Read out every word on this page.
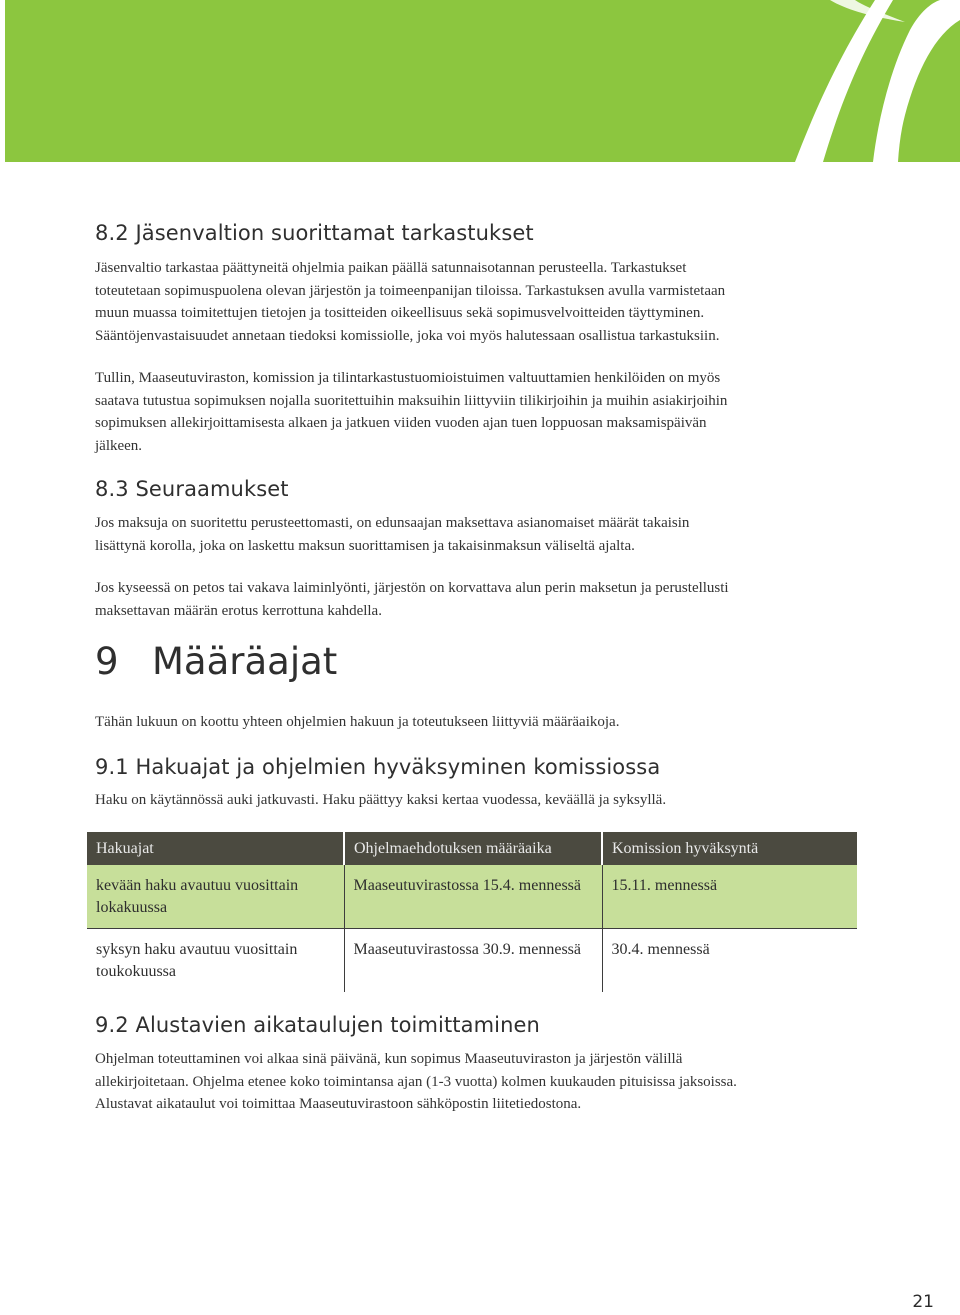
8.2 Jäsenvaltion suorittamat tarkastukset
Jäsenvaltio tarkastaa päättyneitä ohjelmia paikan päällä satunnaisotannan perusteella. Tarkastukset
toteutetaan sopimuspuolena olevan järjestön ja toimeenpanijan tiloissa. Tarkastuksen avulla varmistetaan
muun muassa toimitettujen tietojen ja tositteiden oikeellisuus sekä sopimusvelvoitteiden täyttyminen.
Sääntöjenvastaisuudet annetaan tiedoksi komissiolle, joka voi myös halutessaan osallistua tarkastuksiin.
Tullin, Maaseutuviraston, komission ja tilintarkastustuomioistuimen valtuuttamien henkilöiden on myös
saatava tutustua sopimuksen nojalla suoritettuihin maksuihin liittyviin tilikirjoihin ja muihin asiakirjoihin
sopimuksen allekirjoittamisesta alkaen ja jatkuen viiden vuoden ajan tuen loppuosan maksamispäivän
jälkeen.
8.3 Seuraamukset
Jos maksuja on suoritettu perusteettomasti, on edunsaajan maksettava asianomaiset määrät takaisin
lisättynä korolla, joka on laskettu maksun suorittamisen ja takaisinmaksun väliseltä ajalta.
Jos kyseessä on petos tai vakava laiminlyönti, järjestön on korvattava alun perin maksetun ja perustellusti
maksettavan määrän erotus kerrottuna kahdella.
9 Määräajat
Tähän lukuun on koottu yhteen ohjelmien hakuun ja toteutukseen liittyviä määräaikoja.
9.1 Hakuajat ja ohjelmien hyväksyminen komissiossa
Haku on käytännössä auki jatkuvasti. Haku päättyy kaksi kertaa vuodessa, keväällä ja syksyllä.
9.2 Alustavien aikataulujen toimittaminen
Ohjelman toteuttaminen voi alkaa sinä päivänä, kun sopimus Maaseutuviraston ja järjestön välillä
allekirjoitetaan. Ohjelma etenee koko toimintansa ajan (1-3 vuotta) kolmen kuukauden pituisissa jaksoissa.
Alustavat aikataulut voi toimittaa Maaseutuvirastoon sähköpostin liitetiedostona.
Hakuajat	Ohjelmaehdotuksen määräaika	Komission hyväksyntä
kevään haku avautuu vuosittain lokakuussa	Maaseutuvirastossa 15.4. mennessä	15.11. mennessä
syksyn haku avautuu vuosittain toukokuussa	Maaseutuvirastossa 30.9. mennessä	30.4. mennessä
21
